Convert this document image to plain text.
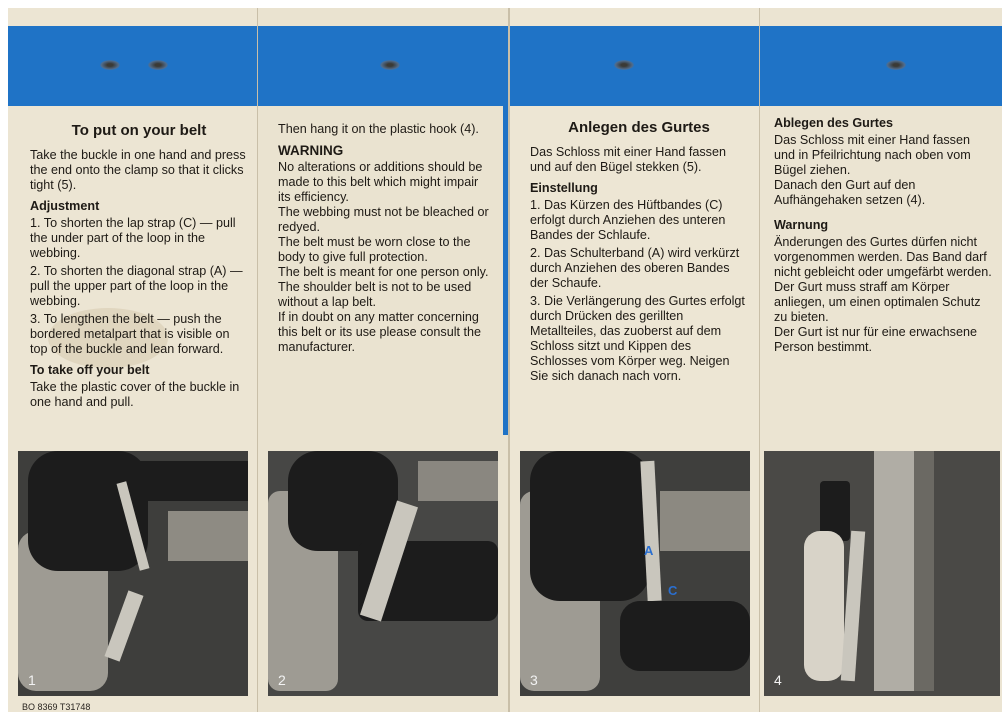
To put on your belt

Take the buckle in one hand and press the end onto the clamp so that it clicks tight (5).

Adjustment

1. To shorten the lap strap (C) — pull the under part of the loop in the webbing.

2. To shorten the diagonal strap (A) — pull the upper part of the loop in the webbing.

3. To lengthen the belt — push the bordered metalpart that is visible on top of the buckle and lean forward.

To take off your belt

Take the plastic cover of the buckle in one hand and pull.

1

Then hang it on the plastic hook (4).

WARNING

No alterations or additions should be made to this belt which might impair its efficiency.

The webbing must not be bleached or redyed.

The belt must be worn close to the body to give full protection.

The belt is meant for one person only.

The shoulder belt is not to be used without a lap belt.

If in doubt on any matter concerning this belt or its use please consult the manufacturer.

2

Anlegen des Gurtes

Das Schloss mit einer Hand fassen und auf den Bügel stekken (5).

Einstellung

1. Das Kürzen des Hüftbandes (C) erfolgt durch Anziehen des unteren Bandes der Schlaufe.

2. Das Schulterband (A) wird verkürzt durch Anziehen des oberen Bandes der Schaufe.

3. Die Verlängerung des Gurtes erfolgt durch Drücken des gerillten Metallteiles, das zuoberst auf dem Schloss sitzt und Kippen des Schlosses vom Körper weg. Neigen Sie sich danach nach vorn.

A
C
3

Ablegen des Gurtes

Das Schloss mit einer Hand fassen und in Pfeilrichtung nach oben vom Bügel ziehen.

Danach den Gurt auf den Aufhängehaken setzen (4).

Warnung

Änderungen des Gurtes dürfen nicht vorgenommen werden. Das Band darf nicht gebleicht oder umgefärbt werden.

Der Gurt muss straff am Körper anliegen, um einen optimalen Schutz zu bieten.

Der Gurt ist nur für eine erwachsene Person bestimmt.

4
BO 8369 T31748
